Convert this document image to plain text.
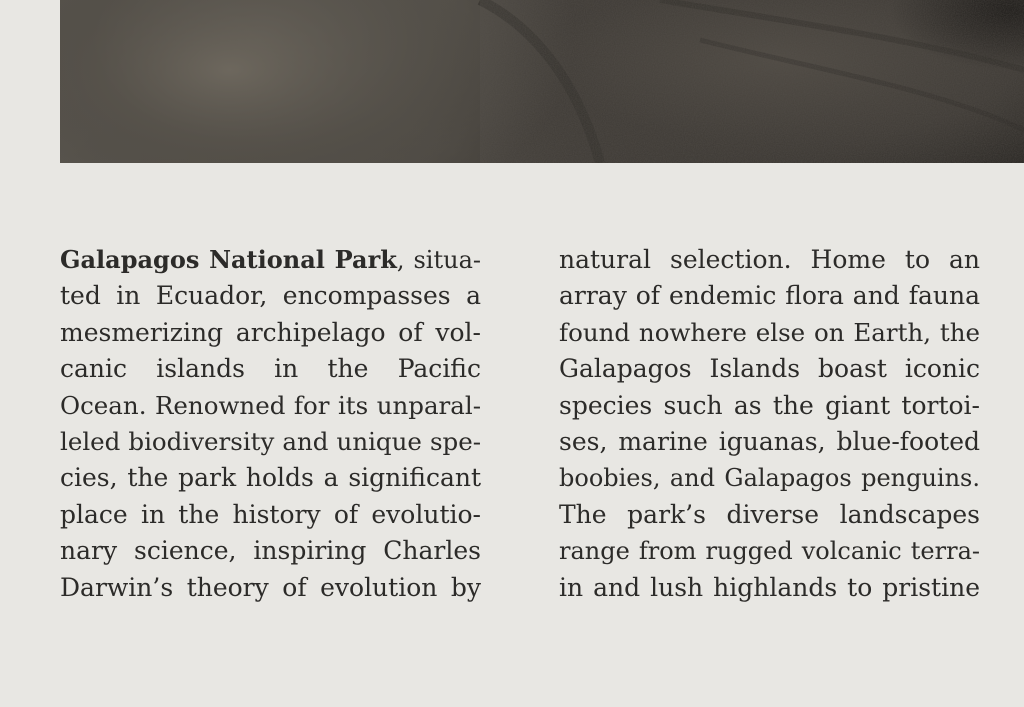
Galapagos National Park, situa-
ted in Ecuador, encompasses a
mesmerizing archipelago of vol-
canic islands in the Pacific
Ocean. Renowned for its unparal-
leled biodiversity and unique spe-
cies, the park holds a significant
place in the history of evolutio-
nary science, inspiring Charles
Darwin’s theory of evolution by
natural selection. Home to an
array of endemic flora and fauna
found nowhere else on Earth, the
Galapagos Islands boast iconic
species such as the giant tortoi-
ses, marine iguanas, blue-footed
boobies, and Galapagos penguins.
The park’s diverse landscapes
range from rugged volcanic terra-
in and lush highlands to pristine
